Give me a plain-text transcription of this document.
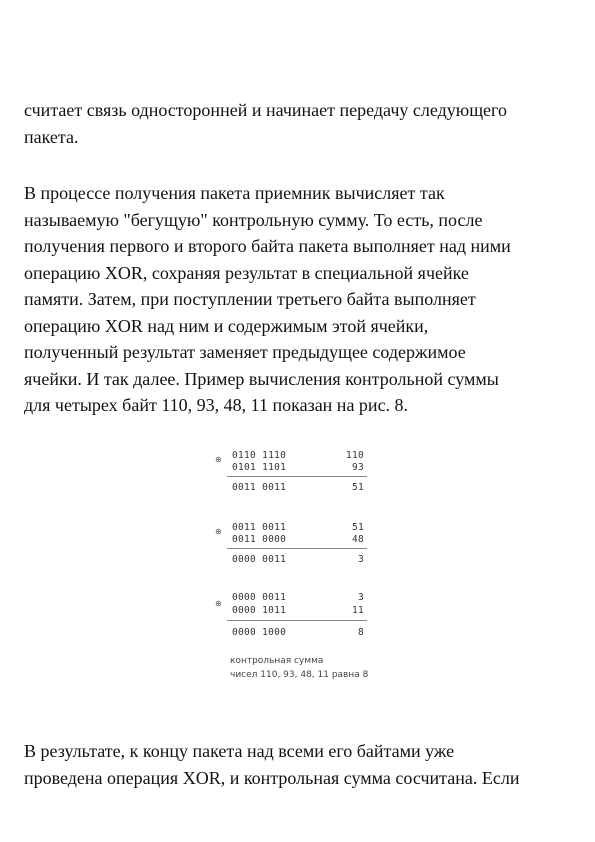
считает связь односторонней и начинает передачу следующего
пакета.
В процессе получения пакета приемник вычисляет так
называемую "бегущую" контрольную сумму. То есть, после
получения первого и второго байта пакета выполняет над ними
операцию XOR, сохраняя результат в специальной ячейке
памяти. Затем, при поступлении третьего байта выполняет
операцию XOR над ним и содержимым этой ячейки,
полученный результат заменяет предыдущее содержимое
ячейки. И так далее. Пример вычисления контрольной суммы
для четырех байт 110, 93, 48, 11 показан на рис. 8.
⊕ 0110 1110	110
0101 1101	93
0011 0011	51
⊕ 0011 0011	51
0011 0000	48
0000 0011	3
⊕
0000 0011	3
0000 1011	11
0000 1000	8
контрольная сумма
чисел 110, 93, 48, 11 равна 8
В результате, к концу пакета над всеми его байтами уже
проведена операция XOR, и контрольная сумма сосчитана. Если
